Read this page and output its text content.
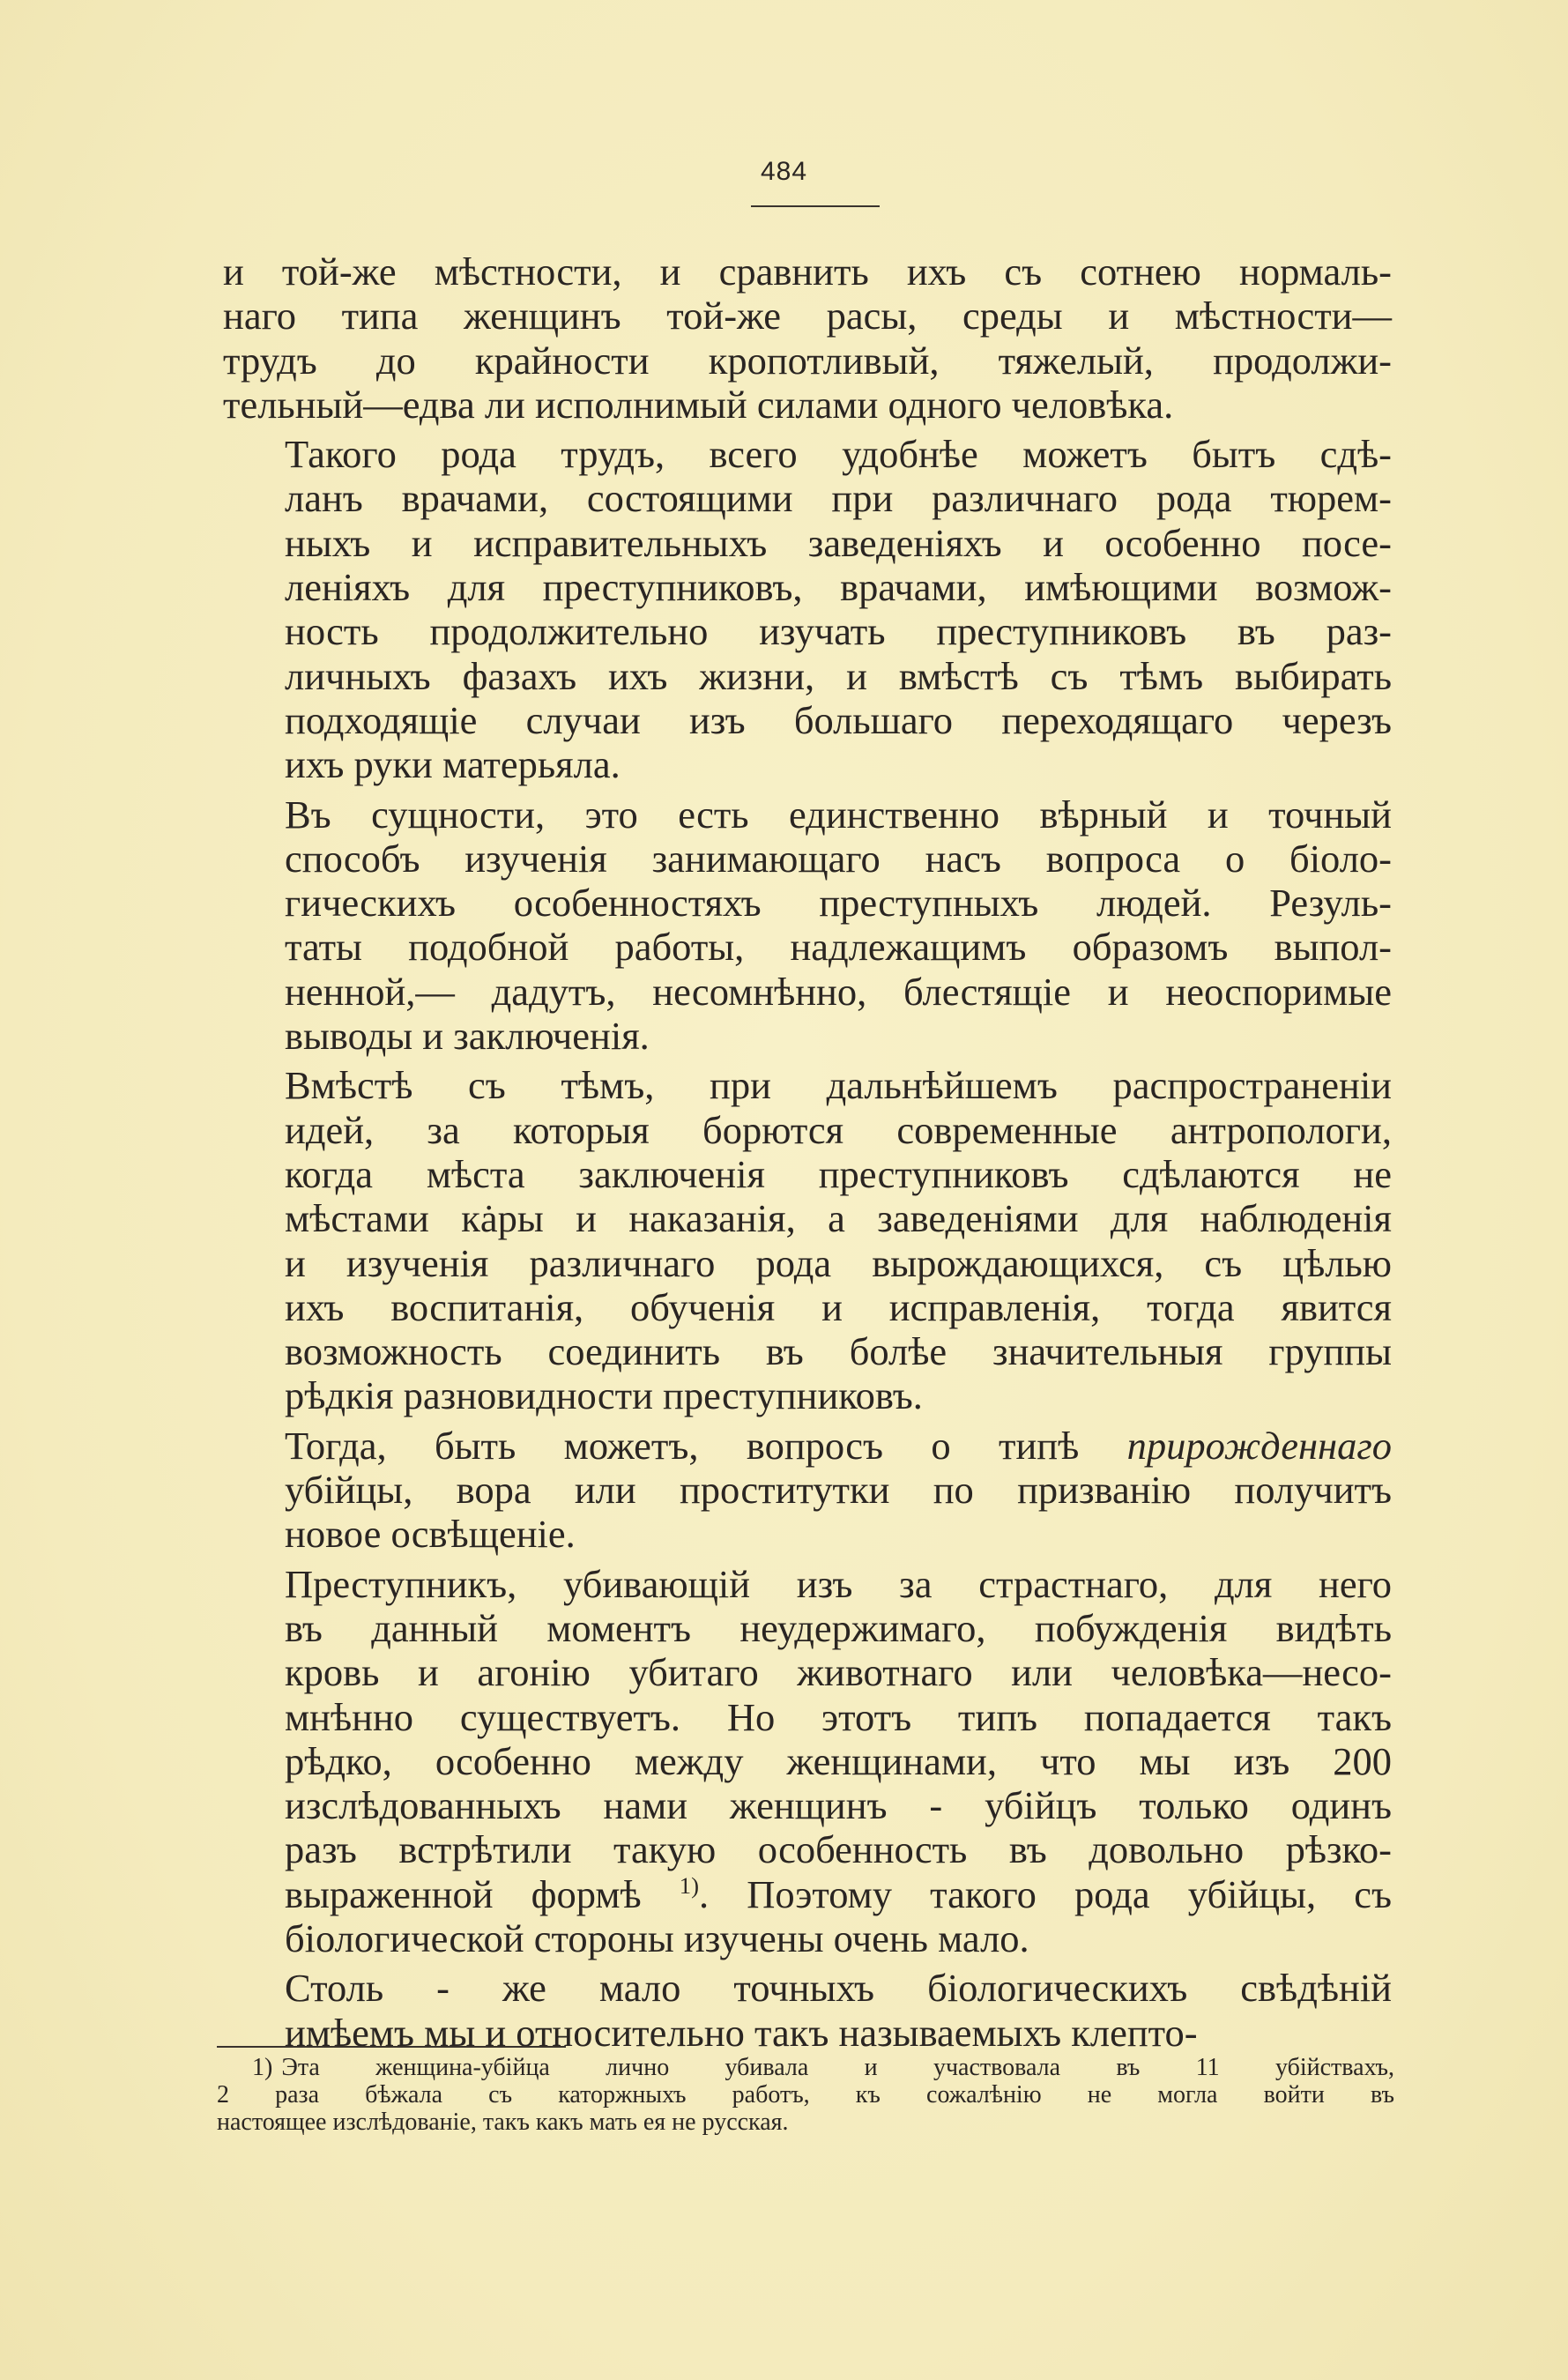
484
и той-же мѣстности, и сравнить ихъ съ сотнею нормаль-
наго типа женщинъ той-же расы, среды и мѣстности—
трудъ до крайности кропотливый, тяжелый, продолжи-
тельный—едва ли исполнимый силами одного человѣка.
Такого рода трудъ, всего удобнѣе можетъ бытъ сдѣ-
ланъ врачами, состоящими при различнаго рода тюрем-
ныхъ и исправительныхъ заведеніяхъ и особенно посе-
леніяхъ для преступниковъ, врачами, имѣющими возмож-
ность продолжительно изучать преступниковъ въ раз-
личныхъ фазахъ ихъ жизни, и вмѣстѣ съ тѣмъ выбирать
подходящіе случаи изъ большаго переходящаго черезъ
ихъ руки матерьяла.
Въ сущности, это есть единственно вѣрный и точный
способъ изученія занимающаго насъ вопроса о біоло-
гическихъ особенностяхъ преступныхъ людей. Резуль-
таты подобной работы, надлежащимъ образомъ выпол-
ненной,— дадутъ, несомнѣнно, блестящіе и неоспоримые
выводы и заключенія.
Вмѣстѣ съ тѣмъ, при дальнѣйшемъ распространеніи
идей, за которыя борются современные антропологи,
когда мѣста заключенія преступниковъ сдѣлаются не
мѣстами кȧры и наказанія, а заведеніями для наблюденія
и изученія различнаго рода вырождающихся, съ цѣлью
ихъ воспитанія, обученія и исправленія, тогда явится
возможность соединить въ болѣе значительныя группы
рѣдкія разновидности преступниковъ.
Тогда, быть можетъ, вопросъ о типѣ прирожденнаго
убійцы, вора или проститутки по призванію получитъ
новое освѣщеніе.
Преступникъ, убивающій изъ за страстнаго, для него
въ данный моментъ неудержимаго, побужденія видѣть
кровь и агонію убитаго животнаго или человѣка—несо-
мнѣнно существуетъ. Но этотъ типъ попадается такъ
рѣдко, особенно между женщинами, что мы изъ 200
изслѣдованныхъ нами женщинъ - убійцъ только одинъ
разъ встрѣтили такую особенность въ довольно рѣзко-
выраженной формѣ $^{1)}$. Поэтому такого рода убійцы, съ
біологической стороны изучены очень мало.
Столь - же мало точныхъ біологическихъ свѣдѣній
имѣемъ мы и относительно такъ называемыхъ клепто-
1) Эта женщина-убійца лично убивала и участвовала въ 11 убійствахъ,
2 раза бѣжала съ каторжныхъ работъ, къ сожалѣнію не могла войти въ
настоящее изслѣдованіе, такъ какъ мать ея не русская.
